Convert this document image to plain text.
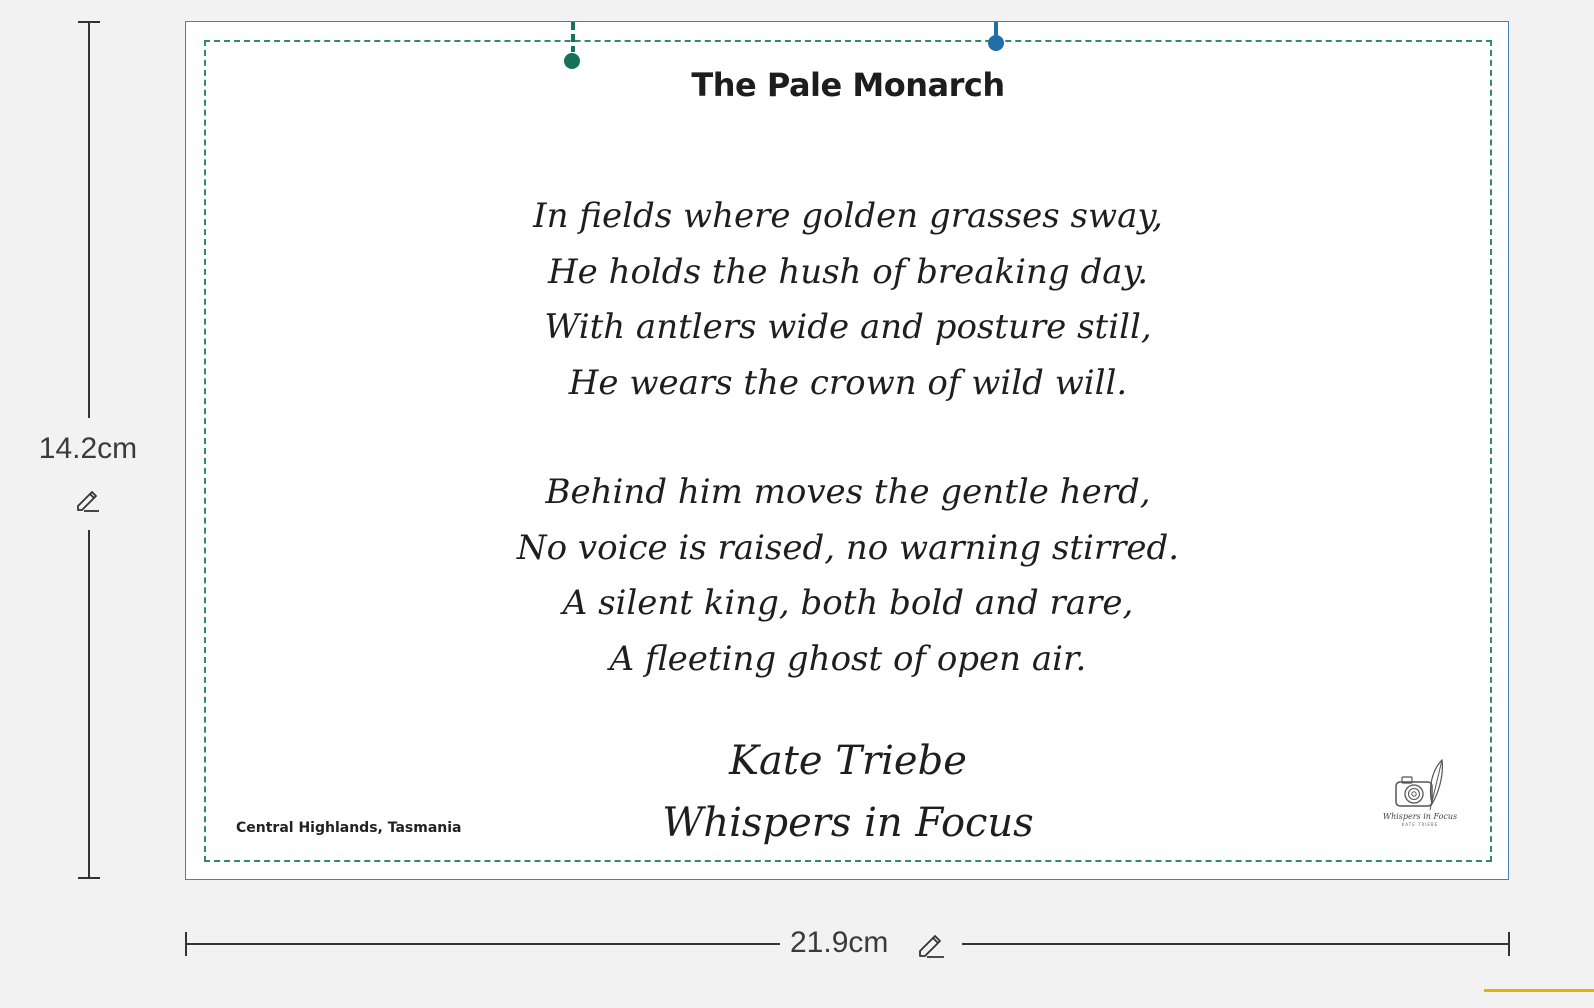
14.2cm
21.9cm
The Pale Monarch
In fields where golden grasses sway,
He holds the hush of breaking day.
With antlers wide and posture still,
He wears the crown of wild will.
Behind him moves the gentle herd,
No voice is raised, no warning stirred.
A silent king, both bold and rare,
A fleeting ghost of open air.
Kate Triebe
Whispers in Focus
Central Highlands, Tasmania
Whispers in Focus
KATE TRIEBE
